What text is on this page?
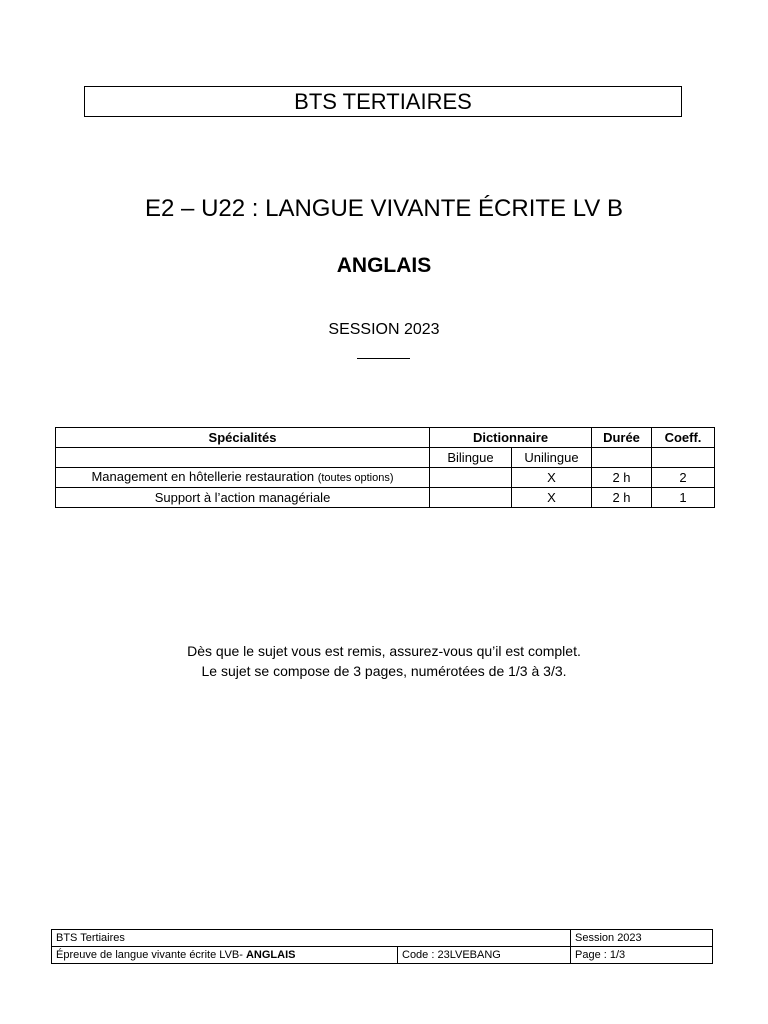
BTS TERTIAIRES
E2 – U22 : LANGUE VIVANTE ÉCRITE LV B
ANGLAIS
SESSION 2023
Spécialités	Dictionnaire		Durée	Coeff.
	Bilingue	Unilingue		
Management en hôtellerie restauration (toutes options)		X	2 h	2
Support à l’action managériale		X	2 h	1
Dès que le sujet vous est remis, assurez-vous qu’il est complet.
Le sujet se compose de 3 pages, numérotées de 1/3 à 3/3.
BTS Tertiaires		Session 2023
Épreuve de langue vivante écrite LVB- ANGLAIS	Code : 23LVEBANG	Page : 1/3
